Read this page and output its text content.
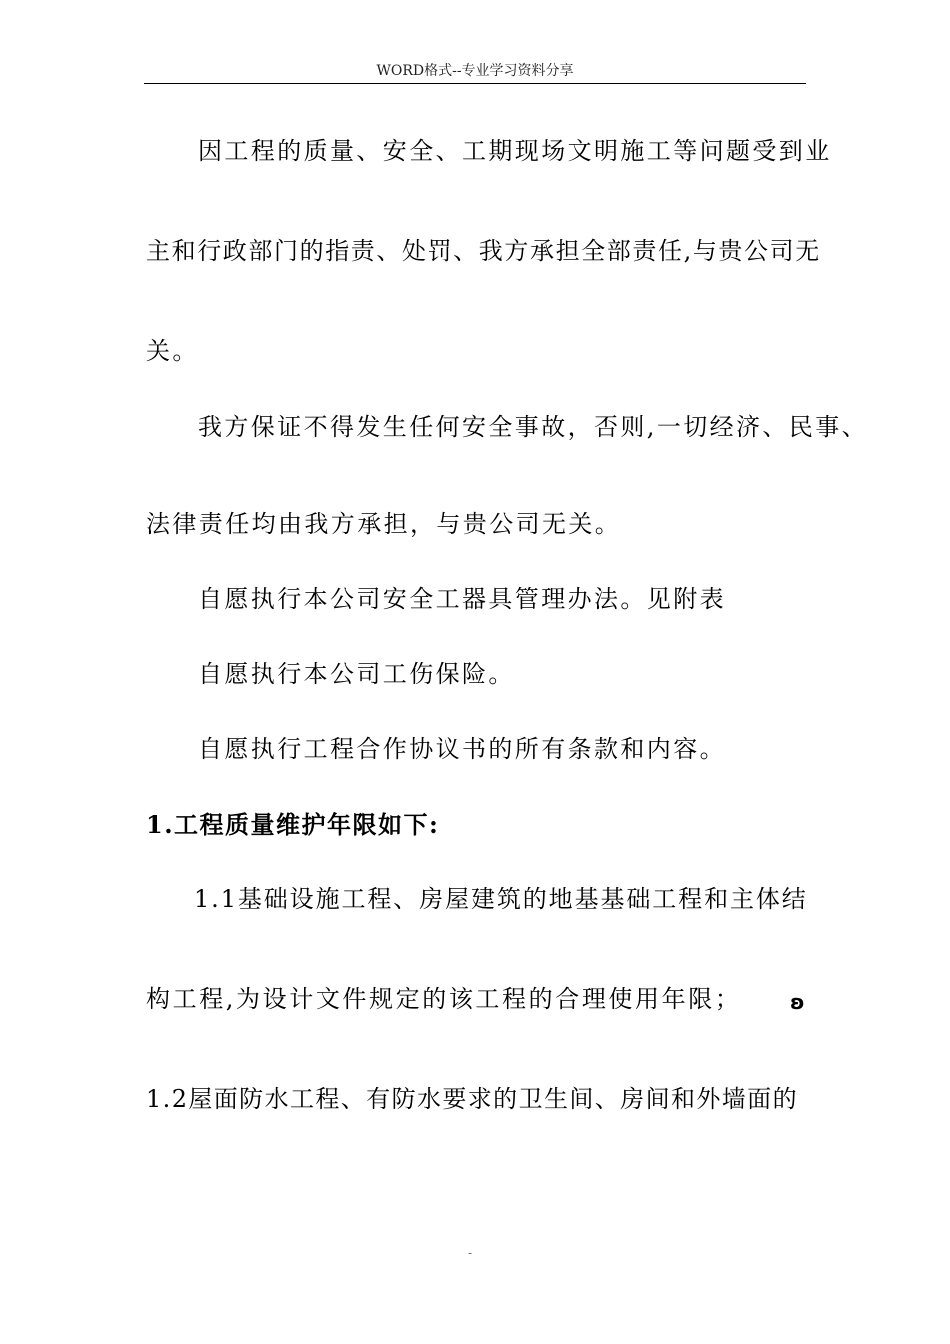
WORD格式--专业学习资料分享
因工程的质量、安全、工期现场文明施工等问题受到业
主和行政部门的指责、处罚、我方承担全部责任,与贵公司无
关。
我方保证不得发生任何安全事故，否则,一切经济、民事、
法律责任均由我方承担，与贵公司无关。
自愿执行本公司安全工器具管理办法。见附表
自愿执行本公司工伤保险。
自愿执行工程合作协议书的所有条款和内容。
1.工程质量维护年限如下:
1.1基础设施工程、房屋建筑的地基基础工程和主体结
构工程,为设计文件规定的该工程的合理使用年限； ʚ
1.2屋面防水工程、有防水要求的卫生间、房间和外墙面的
-
